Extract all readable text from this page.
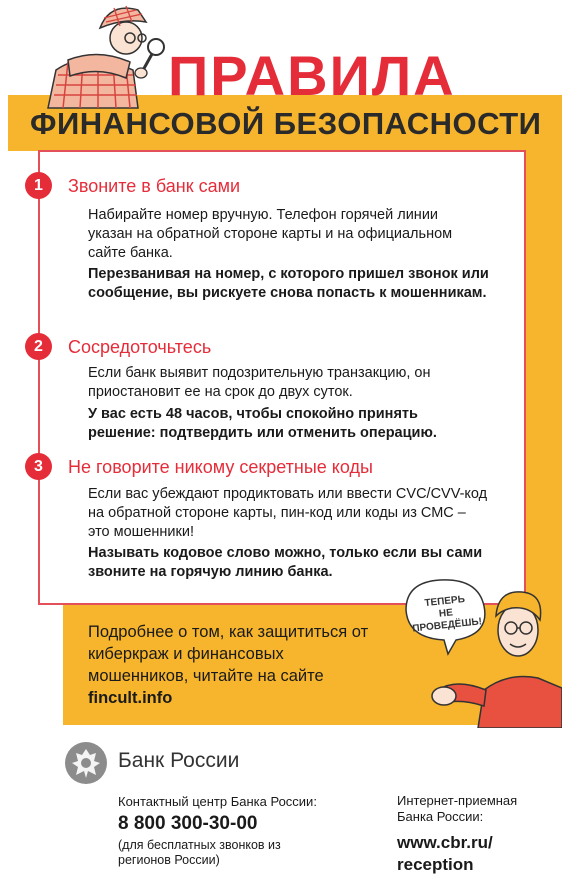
ПРАВИЛА
ФИНАНСОВОЙ БЕЗОПАСНОСТИ
1	Звоните в банк сами
Набирайте номер вручную. Телефон горячей линии указан на обратной стороне карты и на официальном сайте банка.
Перезванивая на номер, с которого пришел звонок или сообщение, вы рискуете снова попасть к мошенникам.
2	Сосредоточьтесь
Если банк выявит подозрительную транзакцию, он приостановит ее на срок до двух суток.
У вас есть 48 часов, чтобы спокойно принять решение: подтвердить или отменить операцию.
3	Не говорите никому секретные коды
Если вас убеждают продиктовать или ввести CVC/CVV-код на обратной стороне карты, пин-код или коды из СМС – это мошенники!
Называть кодовое слово можно, только если вы сами звоните на горячую линию банка.
Подробнее о том, как защититься от киберкраж и финансовых мошенников, читайте на сайте
fincult.info
ТЕПЕРЬ
НЕ
ПРОВЕДЁШЬ!
Банк России
Контактный центр Банка России:
8 800 300-30-00
(для бесплатных звонков из регионов России)
Интернет-приемная Банка России:
www.cbr.ru/ reception
